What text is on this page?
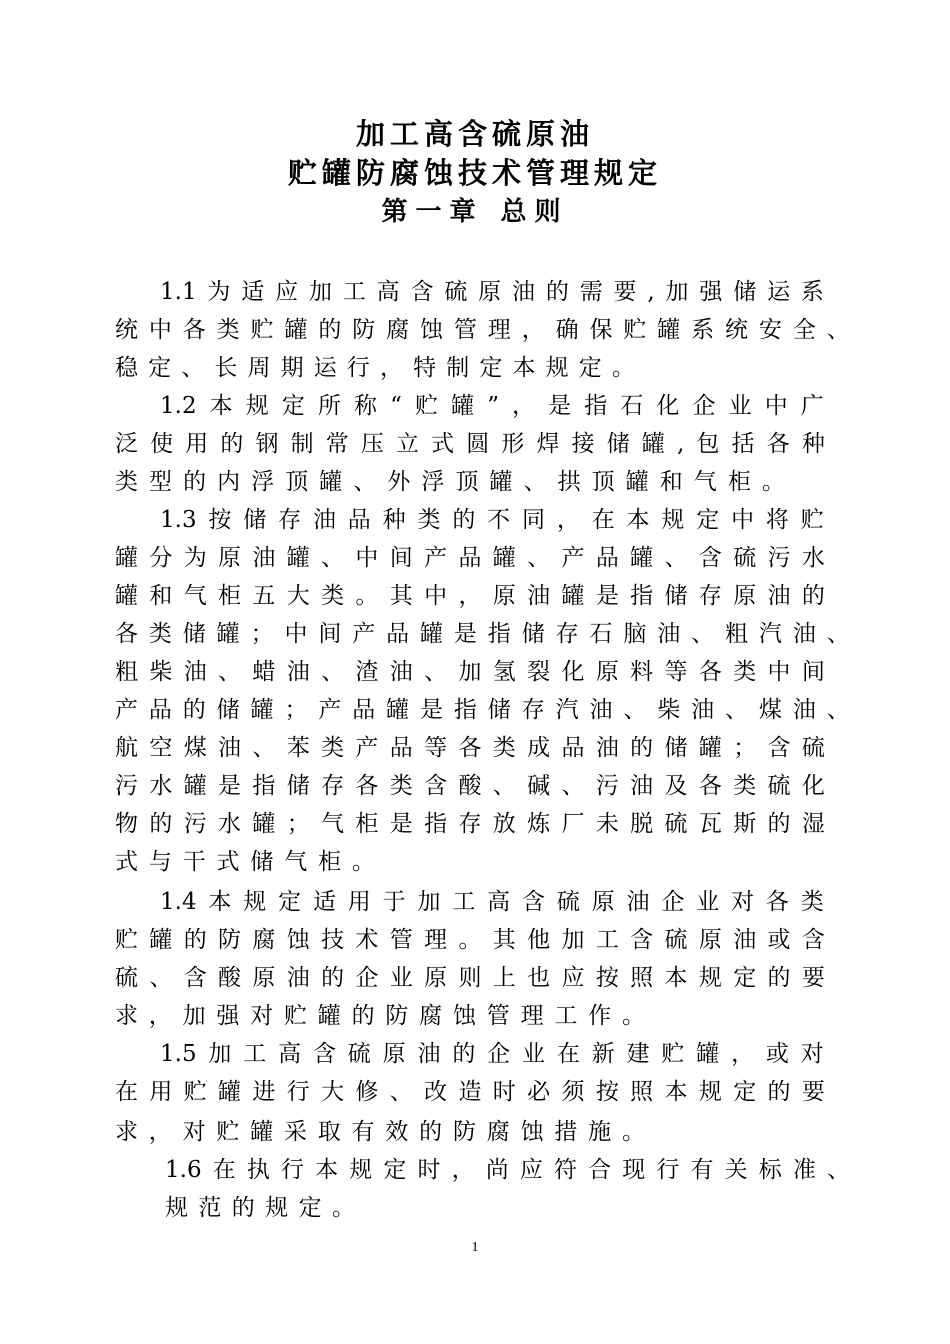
加工高含硫原油
贮罐防腐蚀技术管理规定
第一章 总则
1.1 为 适 应 加 工 高 含 硫 原 油 的 需 要 , 加 强 储 运 系
统 中 各 类 贮 罐 的 防 腐 蚀 管 理 ， 确 保 贮 罐 系 统 安 全 、
稳 定 、 长 周 期 运 行 ， 特 制 定 本 规 定 。
1.2 本 规 定 所 称 “ 贮 罐 ” ， 是 指 石 化 企 业 中 广
泛 使 用 的 钢 制 常 压 立 式 圆 形 焊 接 储 罐 , 包 括 各 种
类 型 的 内 浮 顶 罐 、 外 浮 顶 罐 、 拱 顶 罐 和 气 柜 。
1.3 按 储 存 油 品 种 类 的 不 同 ， 在 本 规 定 中 将 贮
罐 分 为 原 油 罐 、 中 间 产 品 罐 、 产 品 罐 、 含 硫 污 水
罐 和 气 柜 五 大 类 。 其 中 ， 原 油 罐 是 指 储 存 原 油 的
各 类 储 罐 ； 中 间 产 品 罐 是 指 储 存 石 脑 油 、 粗 汽 油 、
粗 柴 油 、 蜡 油 、 渣 油 、 加 氢 裂 化 原 料 等 各 类 中 间
产 品 的 储 罐 ； 产 品 罐 是 指 储 存 汽 油 、 柴 油 、 煤 油 、
航 空 煤 油 、 苯 类 产 品 等 各 类 成 品 油 的 储 罐 ； 含 硫
污 水 罐 是 指 储 存 各 类 含 酸 、 碱 、 污 油 及 各 类 硫 化
物 的 污 水 罐 ； 气 柜 是 指 存 放 炼 厂 未 脱 硫 瓦 斯 的 湿
式 与 干 式 储 气 柜 。
1.4 本 规 定 适 用 于 加 工 高 含 硫 原 油 企 业 对 各 类
贮 罐 的 防 腐 蚀 技 术 管 理 。 其 他 加 工 含 硫 原 油 或 含
硫 、 含 酸 原 油 的 企 业 原 则 上 也 应 按 照 本 规 定 的 要
求 ， 加 强 对 贮 罐 的 防 腐 蚀 管 理 工 作 。
1.5 加 工 高 含 硫 原 油 的 企 业 在 新 建 贮 罐 ， 或 对
在 用 贮 罐 进 行 大 修 、 改 造 时 必 须 按 照 本 规 定 的 要
求 ， 对 贮 罐 采 取 有 效 的 防 腐 蚀 措 施 。
1.6 在 执 行 本 规 定 时 ， 尚 应 符 合 现 行 有 关 标 准 、
规 范 的 规 定 。
1
